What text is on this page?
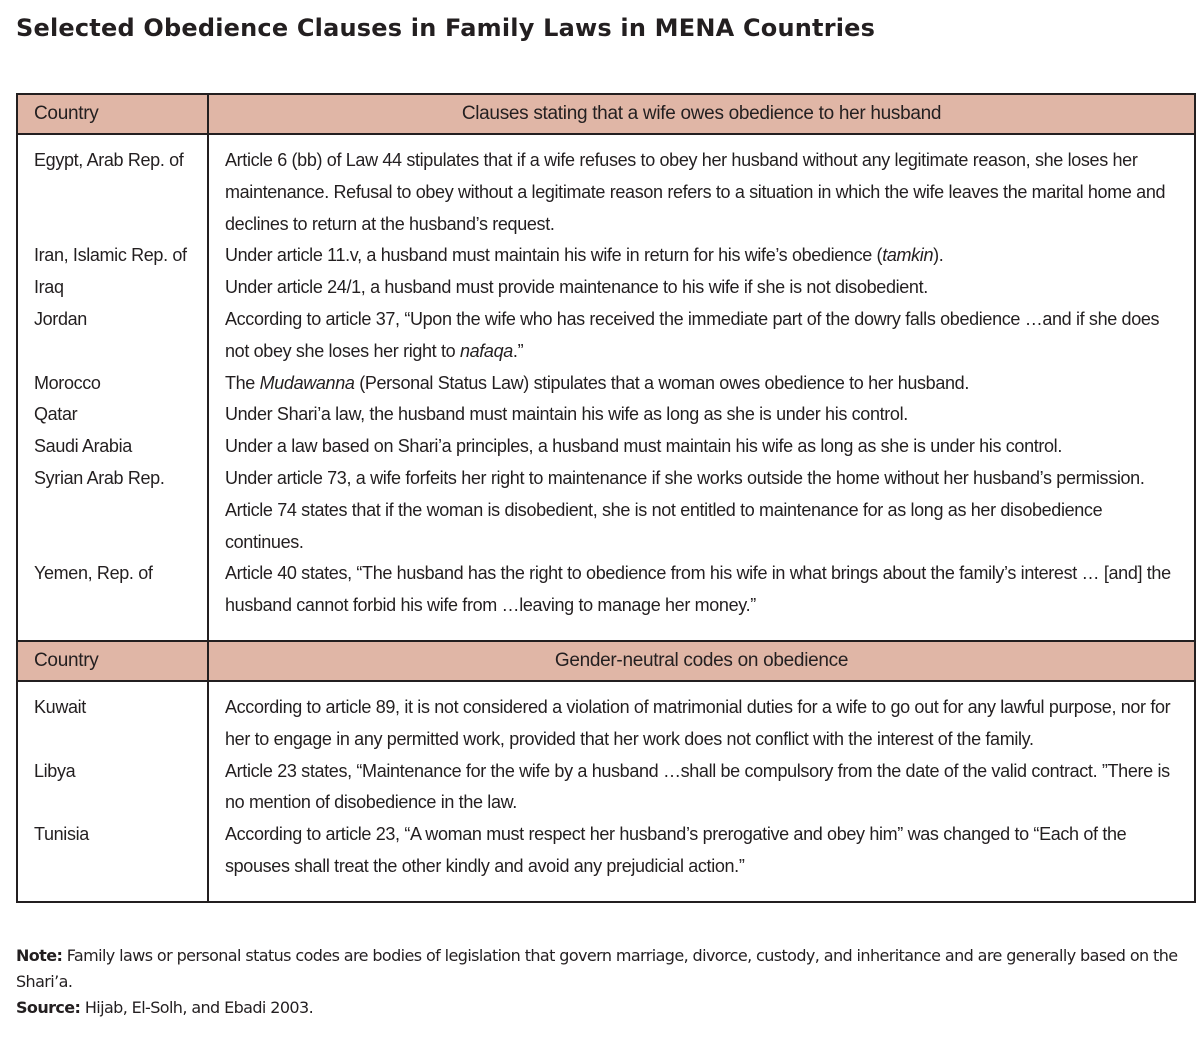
Selected Obedience Clauses in Family Laws in MENA Countries
Country	Clauses stating that a wife owes obedience to her husband
Egypt, Arab Rep. of	Article 6 (bb) of Law 44 stipulates that if a wife refuses to obey her husband without any legitimate reason, she loses her maintenance. Refusal to obey without a legitimate reason refers to a situation in which the wife leaves the marital home and declines to return at the husband’s request.
Iran, Islamic Rep. of	Under article 11.v, a husband must maintain his wife in return for his wife’s obedience (tamkin).
Iraq	Under article 24/1, a husband must provide maintenance to his wife if she is not disobedient.
Jordan	According to article 37, “Upon the wife who has received the immediate part of the dowry falls obedience …and if she does not obey she loses her right to nafaqa.”
Morocco	The Mudawanna (Personal Status Law) stipulates that a woman owes obedience to her husband.
Qatar	Under Shari’a law, the husband must maintain his wife as long as she is under his control.
Saudi Arabia	Under a law based on Shari’a principles, a husband must maintain his wife as long as she is under his control.
Syrian Arab Rep.	Under article 73, a wife forfeits her right to maintenance if she works outside the home without her husband’s permission. Article 74 states that if the woman is disobedient, she is not entitled to maintenance for as long as her disobedience continues.
Yemen, Rep. of	Article 40 states, “The husband has the right to obedience from his wife in what brings about the family’s interest … [and] the husband cannot forbid his wife from …leaving to manage her money.”
Country	Gender-neutral codes on obedience
Kuwait	According to article 89, it is not considered a violation of matrimonial duties for a wife to go out for any lawful purpose, nor for her to engage in any permitted work, provided that her work does not conflict with the interest of the family.
Libya	Article 23 states, “Maintenance for the wife by a husband …shall be compulsory from the date of the valid contract. ”There is no mention of disobedience in the law.
Tunisia	According to article 23, “A woman must respect her husband’s prerogative and obey him” was changed to “Each of the spouses shall treat the other kindly and avoid any prejudicial action.”

Note: Family laws or personal status codes are bodies of legislation that govern marriage, divorce, custody, and inheritance and are generally based on the Shari’a.

Source: Hijab, El-Solh, and Ebadi 2003.
